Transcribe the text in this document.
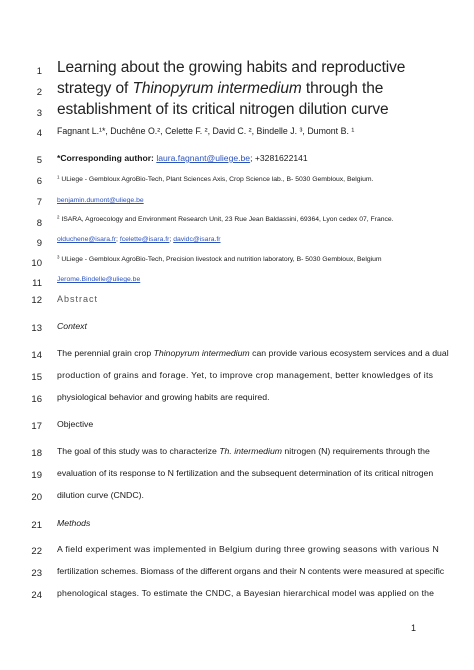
1 Learning about the growing habits and reproductive
2 strategy of Thinopyrum intermedium through the
3 establishment of its critical nitrogen dilution curve
4 Fagnant L.¹*, Duchêne O.², Celette F. ², David C. ², Bindelle J. ³, Dumont B. ¹
5 *Corresponding author: laura.fagnant@uliege.be; +3281622141
6	$^1$ ULiege - Gembloux AgroBio-Tech, Plant Sciences Axis, Crop Science lab., B- 5030 Gembloux, Belgium.
7 benjamin.dumont@uliege.be
8
$^2$ ISARA, Agroecology and Environment Research Unit, 23 Rue Jean Baldassini, 69364, Lyon cedex 07, France.
9 olduchene@isara.fr; fcelette@isara.fr; davidc@isara.fr
10
$^3$ ULiege - Gembloux AgroBio-Tech, Precision livestock and nutrition laboratory, B- 5030 Gembloux, Belgium
11 Jerome.Bindelle@uliege.be
12 Abstract
13 Context
14 The perennial grain crop Thinopyrum intermedium can provide various ecosystem services and a dual
15 production of grains and forage. Yet, to improve crop management, better knowledges of its
16 physiological behavior and growing habits are required.
17 Objective
18 The goal of this study was to characterize Th. intermedium nitrogen (N) requirements through the
19 evaluation of its response to N fertilization and the subsequent determination of its critical nitrogen
20 dilution curve (CNDC).
21 Methods
22 A field experiment was implemented in Belgium during three growing seasons with various N
23 fertilization schemes. Biomass of the different organs and their N contents were measured at specific
24 phenological stages. To estimate the CNDC, a Bayesian hierarchical model was applied on the
1
